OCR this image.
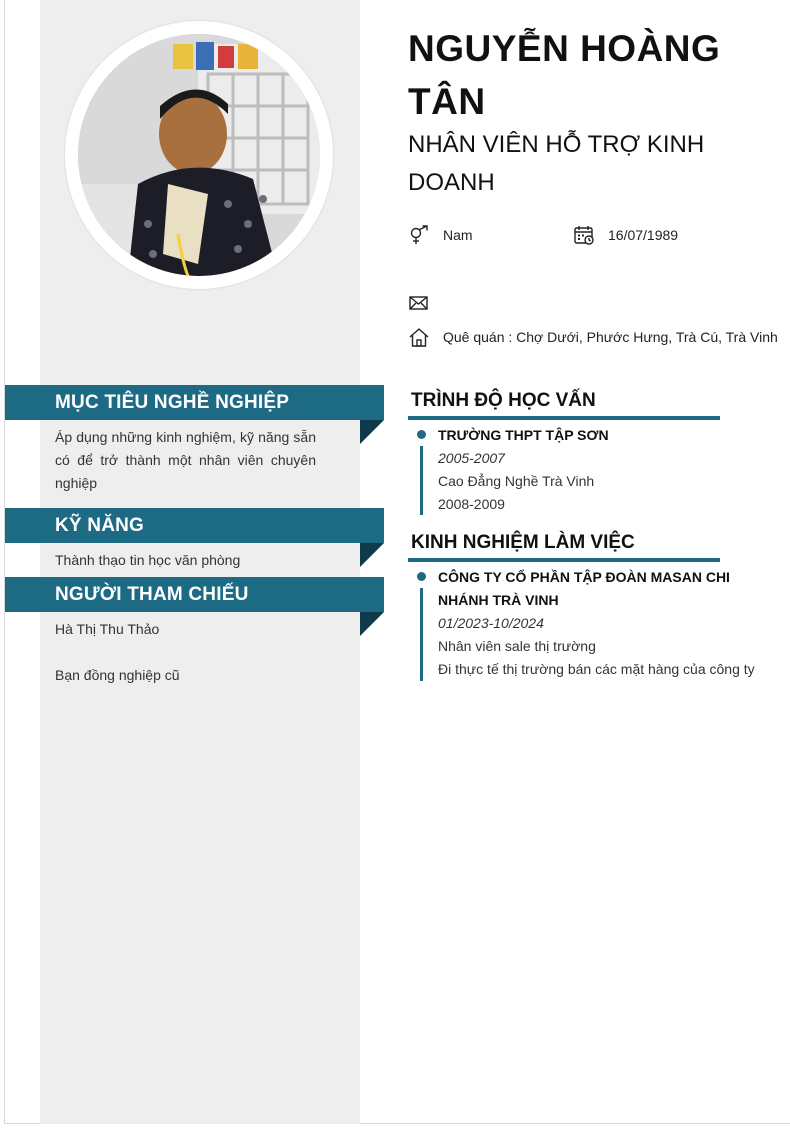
NGUYỄN HOÀNG TÂN
NHÂN VIÊN HỖ TRỢ KINH DOANH
Nam	16/07/1989
Quê quán : Chợ Dưới, Phước Hưng, Trà Cú, Trà Vinh
MỤC TIÊU NGHỀ NGHIỆP
Áp dụng những kinh nghiệm, kỹ năng sẵn có để trở thành một nhân viên chuyên nghiệp
KỸ NĂNG
Thành thạo tin học văn phòng
NGƯỜI THAM CHIẾU
Hà Thị Thu Thảo
Bạn đồng nghiệp cũ
TRÌNH ĐỘ HỌC VẤN
TRƯỜNG THPT TẬP SƠN
2005-2007
Cao Đẳng Nghề Trà Vinh
2008-2009
KINH NGHIỆM LÀM VIỆC
CÔNG TY CỔ PHẦN TẬP ĐOÀN MASAN CHI NHÁNH TRÀ VINH
01/2023-10/2024
Nhân viên sale thị trường
Đi thực tế thị trường bán các mặt hàng của công ty
